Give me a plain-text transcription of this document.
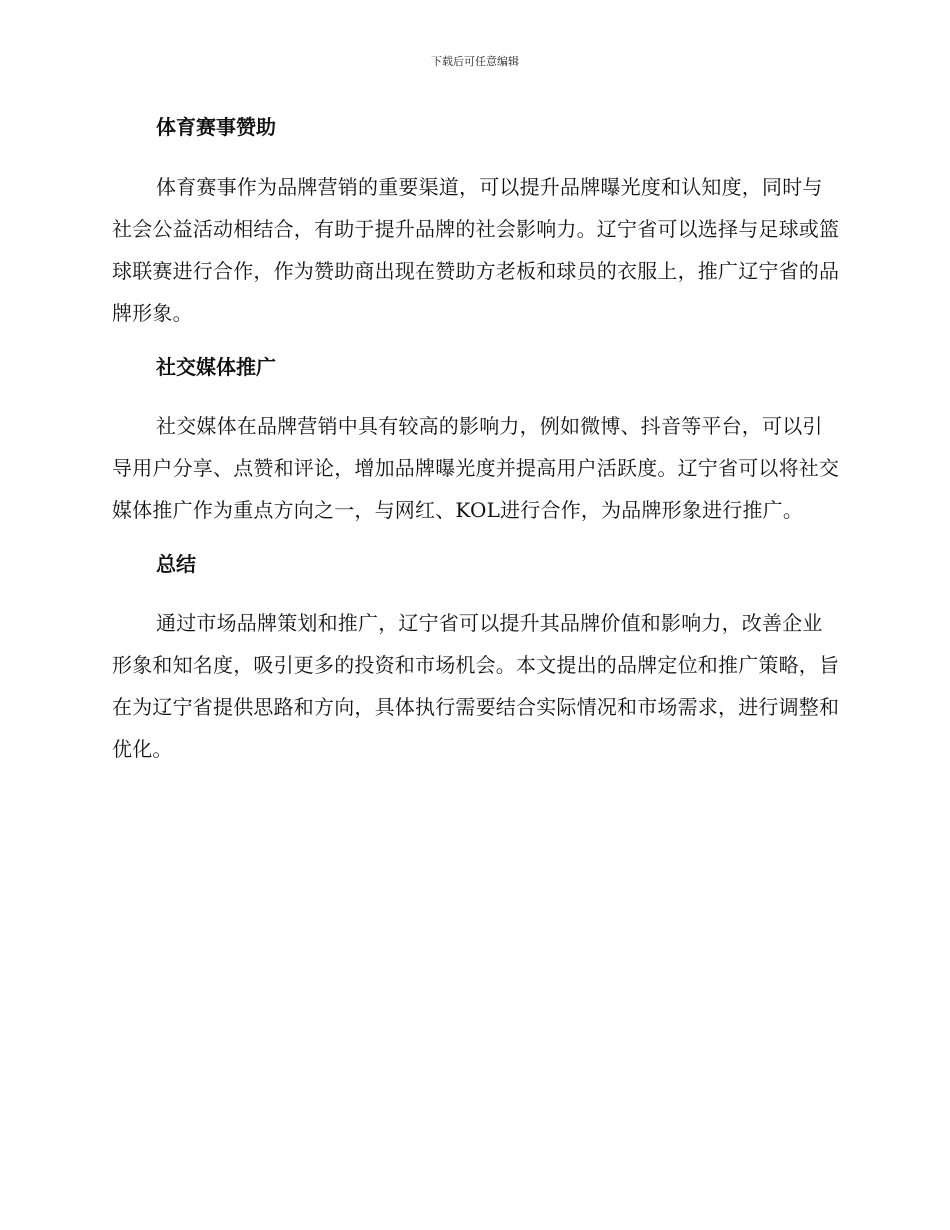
下载后可任意编辑
体育赛事赞助

体育赛事作为品牌营销的重要渠道，可以提升品牌曝光度和认知度，同时与社会公益活动相结合，有助于提升品牌的社会影响力。辽宁省可以选择与足球或篮球联赛进行合作，作为赞助商出现在赞助方老板和球员的衣服上，推广辽宁省的品牌形象。

社交媒体推广

社交媒体在品牌营销中具有较高的影响力，例如微博、抖音等平台，可以引导用户分享、点赞和评论，增加品牌曝光度并提高用户活跃度。辽宁省可以将社交媒体推广作为重点方向之一，与网红、KOL进行合作，为品牌形象进行推广。

总结

通过市场品牌策划和推广，辽宁省可以提升其品牌价值和影响力，改善企业形象和知名度，吸引更多的投资和市场机会。本文提出的品牌定位和推广策略，旨在为辽宁省提供思路和方向，具体执行需要结合实际情况和市场需求，进行调整和优化。
